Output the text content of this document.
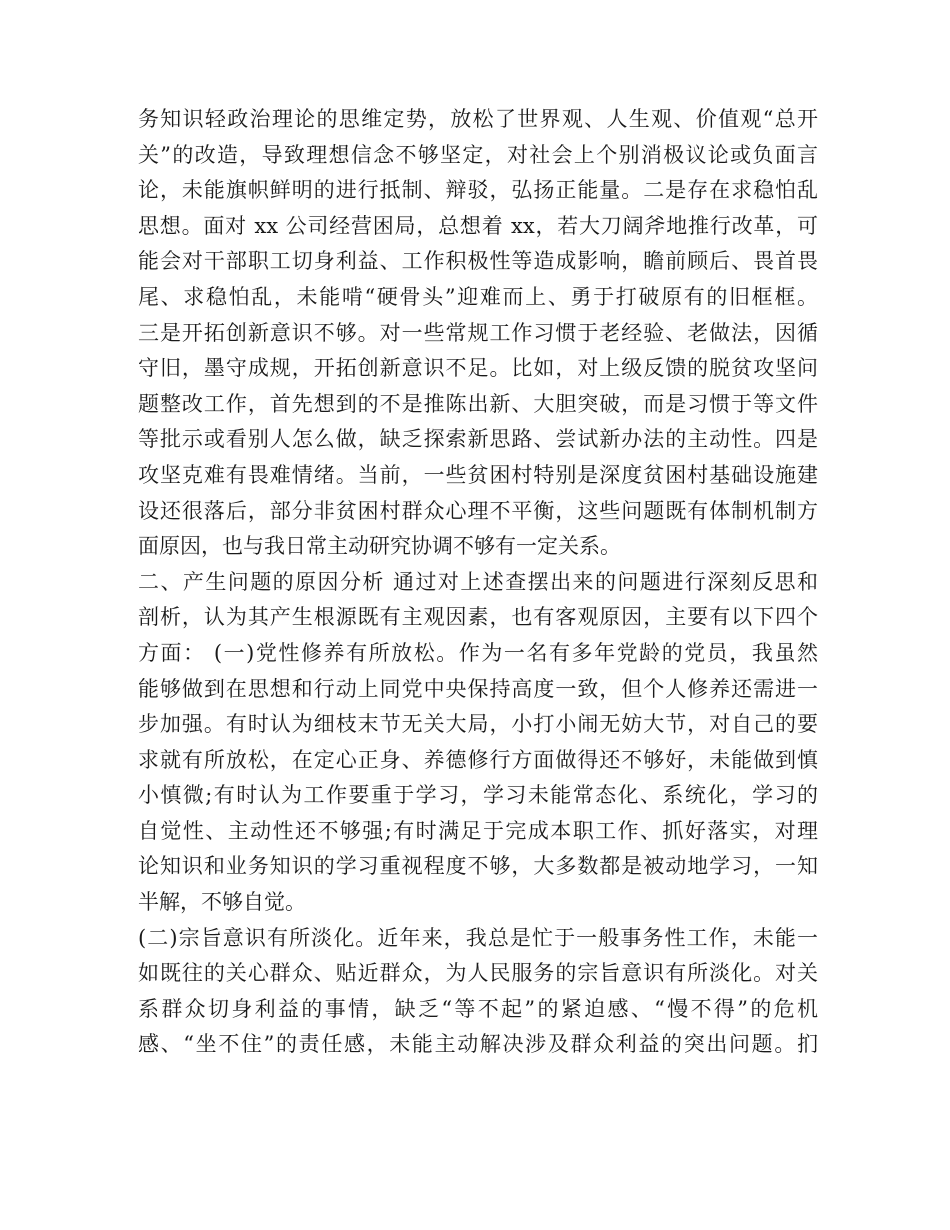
务知识轻政治理论的思维定势，放松了世界观、人生观、价值观“总开
关”的改造，导致理想信念不够坚定，对社会上个别消极议论或负面言
论，未能旗帜鲜明的进行抵制、辩驳，弘扬正能量。二是存在求稳怕乱
思想。面对 xx 公司经营困局，总想着 xx，若大刀阔斧地推行改革，可
能会对干部职工切身利益、工作积极性等造成影响，瞻前顾后、畏首畏
尾、求稳怕乱，未能啃“硬骨头”迎难而上、勇于打破原有的旧框框。
三是开拓创新意识不够。对一些常规工作习惯于老经验、老做法，因循
守旧，墨守成规，开拓创新意识不足。比如，对上级反馈的脱贫攻坚问
题整改工作，首先想到的不是推陈出新、大胆突破，而是习惯于等文件
等批示或看别人怎么做，缺乏探索新思路、尝试新办法的主动性。四是
攻坚克难有畏难情绪。当前，一些贫困村特别是深度贫困村基础设施建
设还很落后，部分非贫困村群众心理不平衡，这些问题既有体制机制方
面原因，也与我日常主动研究协调不够有一定关系。
二、产生问题的原因分析 通过对上述查摆出来的问题进行深刻反思和
剖析，认为其产生根源既有主观因素，也有客观原因，主要有以下四个
方面： (一)党性修养有所放松。作为一名有多年党龄的党员，我虽然
能够做到在思想和行动上同党中央保持高度一致，但个人修养还需进一
步加强。有时认为细枝末节无关大局，小打小闹无妨大节，对自己的要
求就有所放松，在定心正身、养德修行方面做得还不够好，未能做到慎
小慎微;有时认为工作要重于学习，学习未能常态化、系统化，学习的
自觉性、主动性还不够强;有时满足于完成本职工作、抓好落实，对理
论知识和业务知识的学习重视程度不够，大多数都是被动地学习，一知
半解，不够自觉。
(二)宗旨意识有所淡化。近年来，我总是忙于一般事务性工作，未能一
如既往的关心群众、贴近群众，为人民服务的宗旨意识有所淡化。对关
系群众切身利益的事情，缺乏“等不起”的紧迫感、“慢不得”的危机
感、“坐不住”的责任感，未能主动解决涉及群众利益的突出问题。扪
